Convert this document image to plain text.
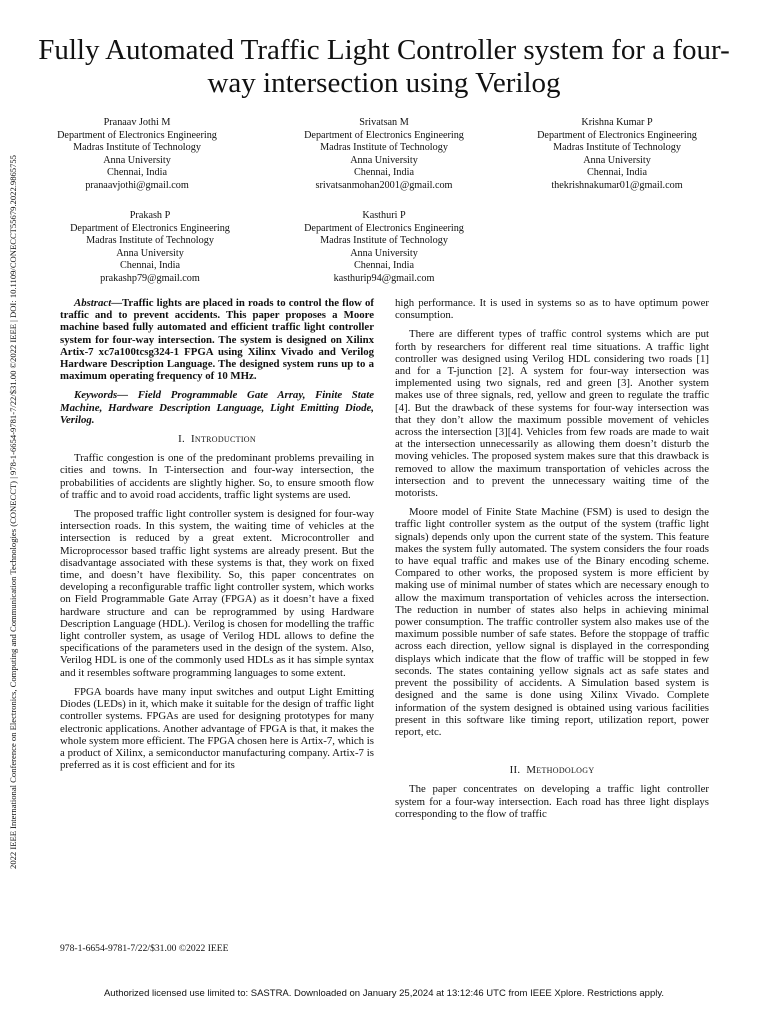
Fully Automated Traffic Light Controller system for a four-way intersection using Verilog
2022 IEEE International Conference on Electronics, Computing and Communication Technologies (CONECCT) | 978-1-6654-9781-7/22/$31.00 ©2022 IEEE | DOI: 10.1109/CONECCT55679.2022.9865755
Pranaav Jothi M
Department of Electronics Engineering
Madras Institute of Technology
Anna University
Chennai, India
pranaavjothi@gmail.com
Srivatsan M
Department of Electronics Engineering
Madras Institute of Technology
Anna University
Chennai, India
srivatsanmohan2001@gmail.com
Krishna Kumar P
Department of Electronics Engineering
Madras Institute of Technology
Anna University
Chennai, India
thekrishnakumar01@gmail.com
Prakash P
Department of Electronics Engineering
Madras Institute of Technology
Anna University
Chennai, India
prakashp79@gmail.com
Kasthuri P
Department of Electronics Engineering
Madras Institute of Technology
Anna University
Chennai, India
kasthurip94@gmail.com

Abstract—Traffic lights are placed in roads to control the flow of traffic and to prevent accidents. This paper proposes a Moore machine based fully automated and efficient traffic light controller system for four-way intersection. The system is designed on Xilinx Artix-7 xc7a100tcsg324-1 FPGA using Xilinx Vivado and Verilog Hardware Description Language. The designed system runs up to a maximum operating frequency of 10 MHz.

Keywords— Field Programmable Gate Array, Finite State Machine, Hardware Description Language, Light Emitting Diode, Verilog.

I. Introduction

Traffic congestion is one of the predominant problems prevailing in cities and towns. In T-intersection and four-way intersection, the probabilities of accidents are slightly higher. So, to ensure smooth flow of traffic and to avoid road accidents, traffic light systems are used.

The proposed traffic light controller system is designed for four-way intersection roads. In this system, the waiting time of vehicles at the intersection is reduced by a great extent. Microcontroller and Microprocessor based traffic light systems are already present. But the disadvantage associated with these systems is that, they work on fixed time, and doesn’t have flexibility. So, this paper concentrates on developing a reconfigurable traffic light controller system, which works on Field Programmable Gate Array (FPGA) as it doesn’t have a fixed hardware structure and can be reprogrammed by using Hardware Description Language (HDL). Verilog is chosen for modelling the traffic light controller system, as usage of Verilog HDL allows to define the specifications of the parameters used in the design of the system. Also, Verilog HDL is one of the commonly used HDLs as it has simple syntax and it resembles software programming languages to some extent.

FPGA boards have many input switches and output Light Emitting Diodes (LEDs) in it, which make it suitable for the design of traffic light controller systems. FPGAs are used for designing prototypes for many electronic applications. Another advantage of FPGA is that, it makes the whole system more efficient. The FPGA chosen here is Artix-7, which is a product of Xilinx, a semiconductor manufacturing company. Artix-7 is preferred as it is cost efficient and for its

high performance. It is used in systems so as to have optimum power consumption.

There are different types of traffic control systems which are put forth by researchers for different real time situations. A traffic light controller was designed using Verilog HDL considering two roads [1] and for a T-junction [2]. A system for four-way intersection was implemented using two signals, red and green [3]. Another system makes use of three signals, red, yellow and green to regulate the traffic [4]. But the drawback of these systems for four-way intersection was that they don’t allow the maximum possible movement of vehicles across the intersection [3][4]. Vehicles from few roads are made to wait at the intersection unnecessarily as allowing them doesn’t disturb the moving vehicles. The proposed system makes sure that this drawback is removed to allow the maximum transportation of vehicles across the intersection and to prevent the unnecessary waiting time of the motorists.

Moore model of Finite State Machine (FSM) is used to design the traffic light controller system as the output of the system (traffic light signals) depends only upon the current state of the system. This feature makes the system fully automated. The system considers the four roads to have equal traffic and makes use of the Binary encoding scheme. Compared to other works, the proposed system is more efficient by making use of minimal number of states which are necessary enough to allow the maximum transportation of vehicles across the intersection. The reduction in number of states also helps in achieving minimal power consumption. The traffic controller system also makes use of the maximum possible number of safe states. Before the stoppage of traffic across each direction, yellow signal is displayed in the corresponding displays which indicate that the flow of traffic will be stopped in few seconds. The states containing yellow signals act as safe states and prevent the possibility of accidents. A Simulation based system is designed and the same is done using Xilinx Vivado. Complete information of the system designed is obtained using various facilities present in this software like timing report, utilization report, power report, etc.

II. Methodology

The paper concentrates on developing a traffic light controller system for a four-way intersection. Each road has three light displays corresponding to the flow of traffic

978-1-6654-9781-7/22/$31.00 ©2022 IEEE
Authorized licensed use limited to: SASTRA. Downloaded on January 25,2024 at 13:12:46 UTC from IEEE Xplore. Restrictions apply.
